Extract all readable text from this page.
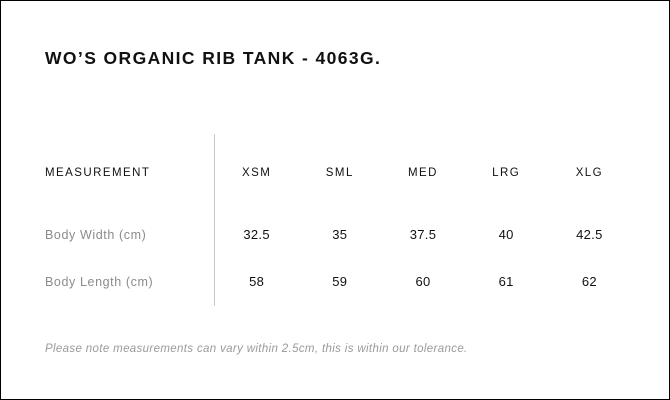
WO’S ORGANIC RIB TANK - 4063G.
MEASUREMENT	XSM	SML	MED	LRG	XLG
Body Width (cm)	32.5	35	37.5	40	42.5
Body Length (cm)	58	59	60	61	62
Please note measurements can vary within 2.5cm, this is within our tolerance.
